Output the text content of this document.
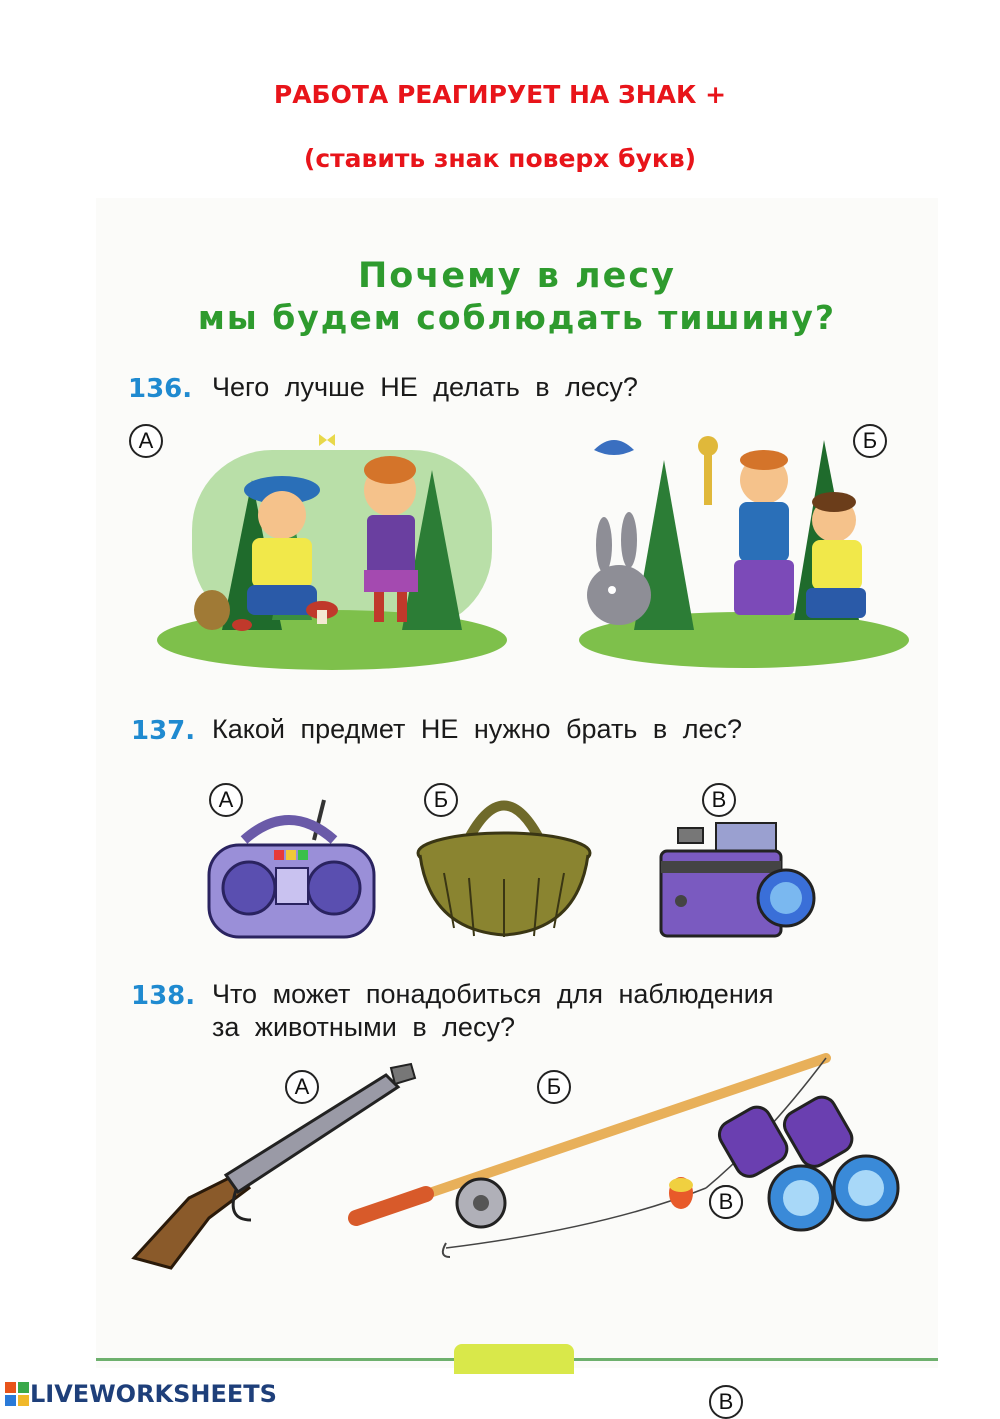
РАБОТА РЕАГИРУЕТ НА ЗНАК +
(ставить знак поверх букв)
Почему в лесу
мы будем соблюдать тишину?
136. Чего лучше НЕ делать в лесу?
А	Б
137. Какой предмет НЕ нужно брать в лес?
А	Б	В
138. Что может понадобиться для наблюдения
за животными в лесу?
А	Б
В
В
LIVEWORKSHEETS
